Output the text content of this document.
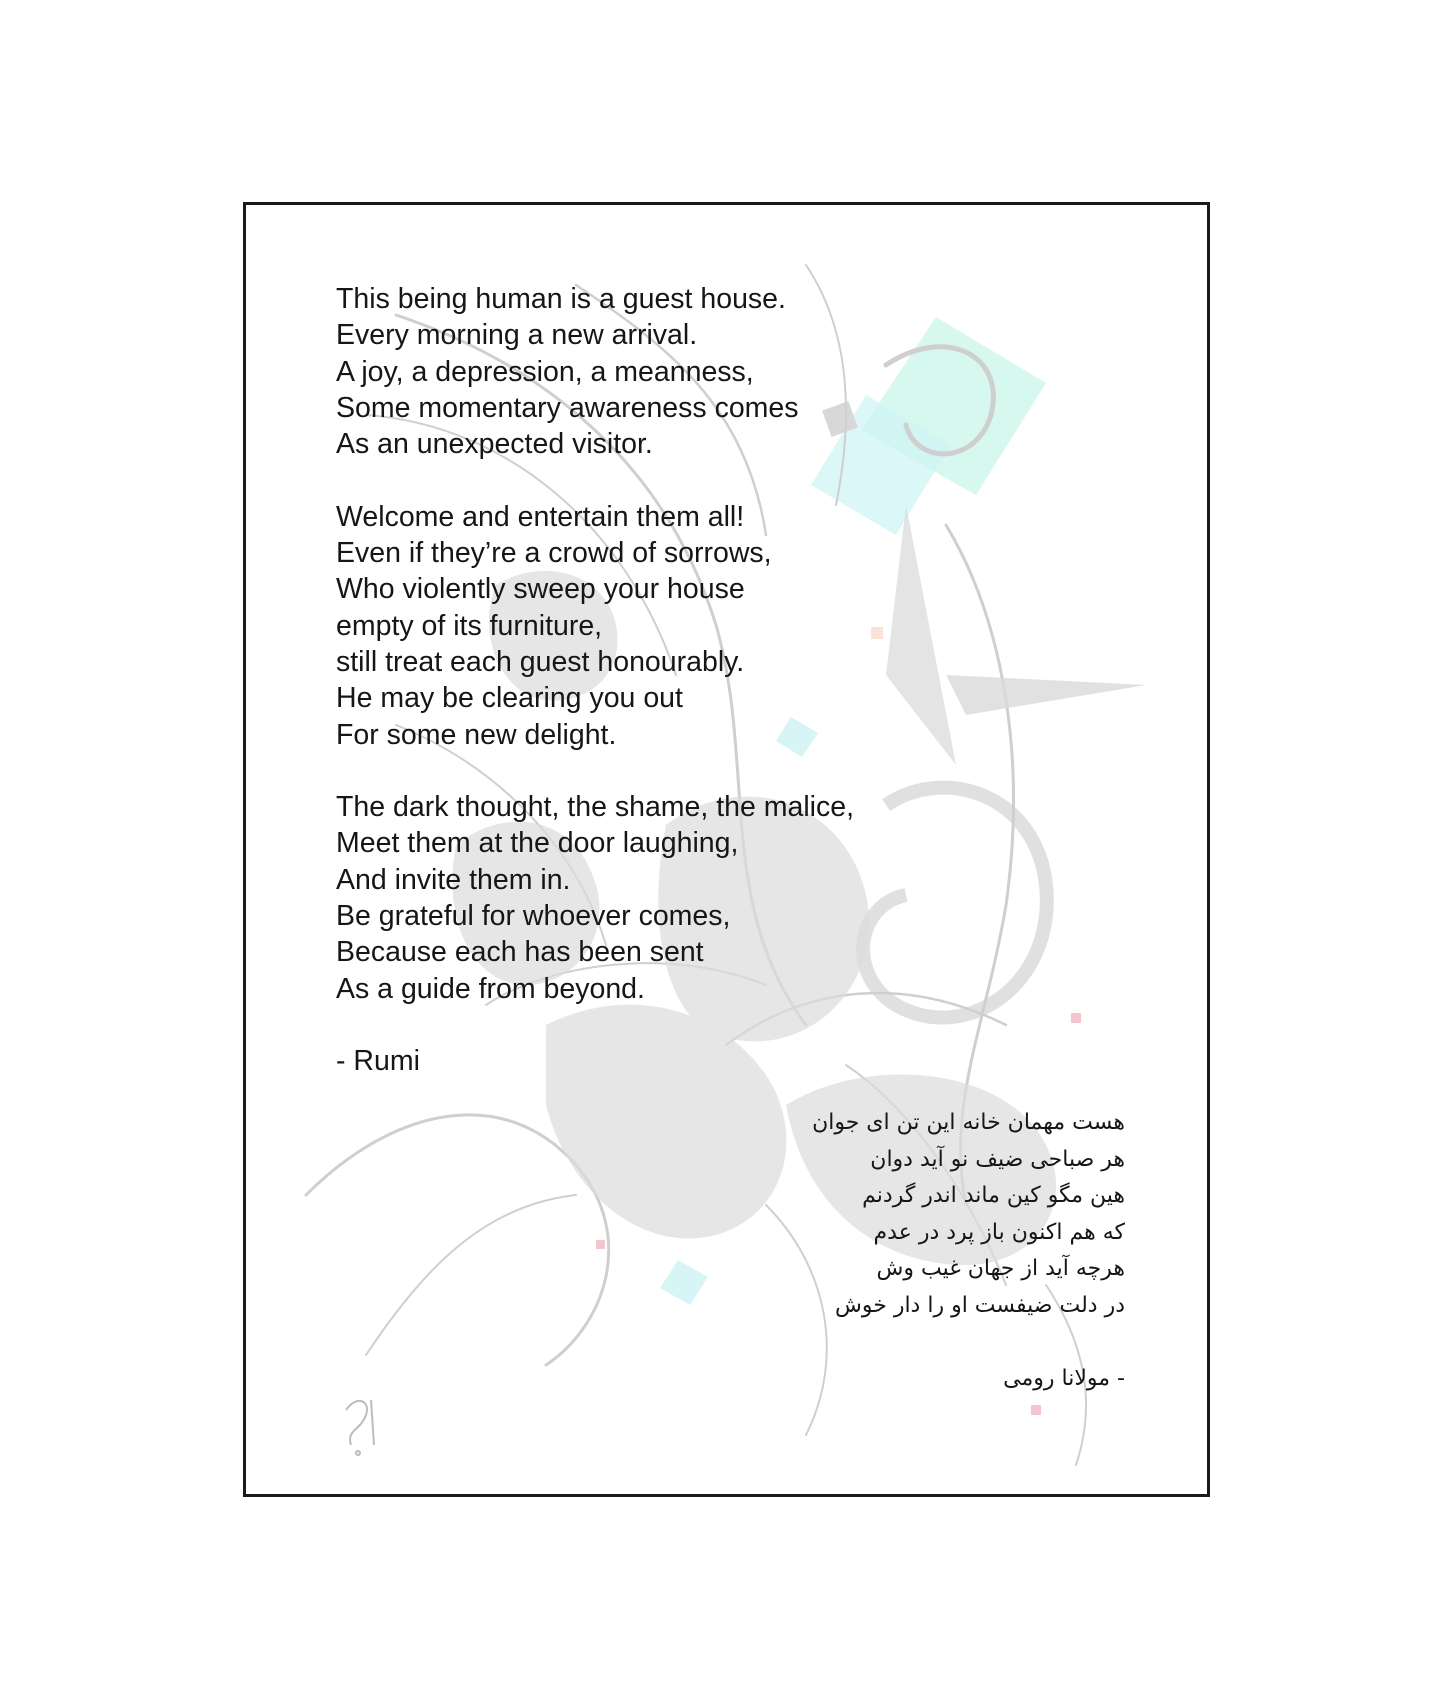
This being human is a guest house.
Every morning a new arrival.
A joy, a depression, a meanness,
Some momentary awareness comes
As an unexpected visitor.
Welcome and entertain them all!
Even if they’re a crowd of sorrows,
Who violently sweep your house
empty of its furniture,
still treat each guest honourably.
He may be clearing you out
For some new delight.
The dark thought, the shame, the malice,
Meet them at the door laughing,
And invite them in.
Be grateful for whoever comes,
Because each has been sent
As a guide from beyond.
- Rumi
هست مهمان خانه این تن ای جوان
هر صباحی ضیف نو آید دوان
هین مگو کین ماند اندر گردنم
که هم اکنون باز پرد در عدم
هرچه آید از جهان غیب وش
در دلت ضیفست او را دار خوش
- مولانا رومی
